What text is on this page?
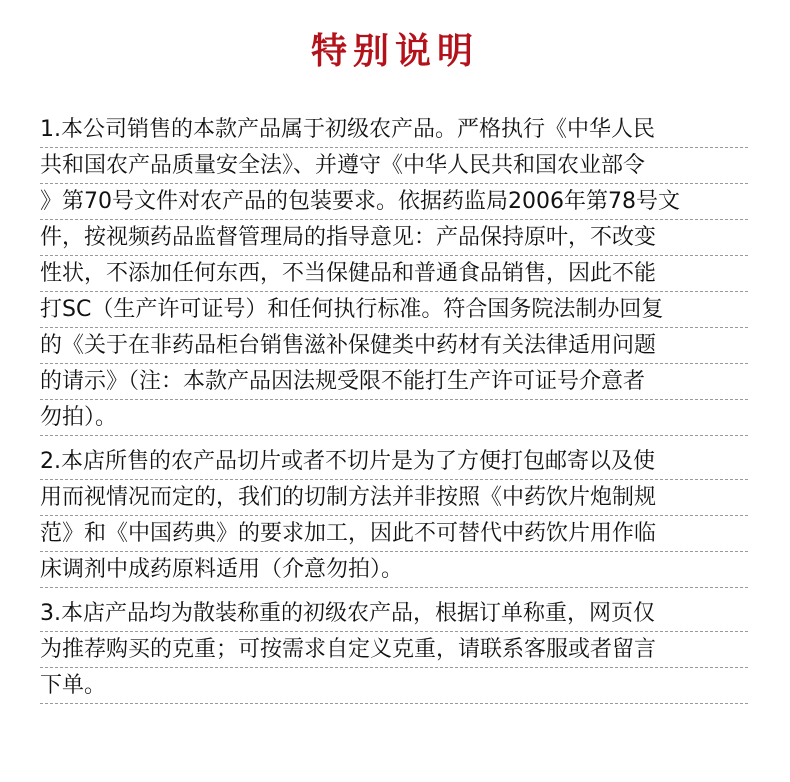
特别说明
1.本公司销售的本款产品属于初级农产品。严格执行《中华人民
共和国农产品质量安全法》、并遵守《中华人民共和国农业部令
》第70号文件对农产品的包装要求。依据药监局2006年第78号文
件，按视频药品监督管理局的指导意见：产品保持原叶，不改变
性状，不添加任何东西，不当保健品和普通食品销售，因此不能
打SC（生产许可证号）和任何执行标准。符合国务院法制办回复
的《关于在非药品柜台销售滋补保健类中药材有关法律适用问题
的请示》（注：本款产品因法规受限不能打生产许可证号介意者
勿拍）。
2.本店所售的农产品切片或者不切片是为了方便打包邮寄以及使
用而视情况而定的，我们的切制方法并非按照《中药饮片炮制规
范》和《中国药典》的要求加工，因此不可替代中药饮片用作临
床调剂中成药原料适用（介意勿拍）。
3.本店产品均为散装称重的初级农产品，根据订单称重，网页仅
为推荐购买的克重；可按需求自定义克重，请联系客服或者留言
下单。
